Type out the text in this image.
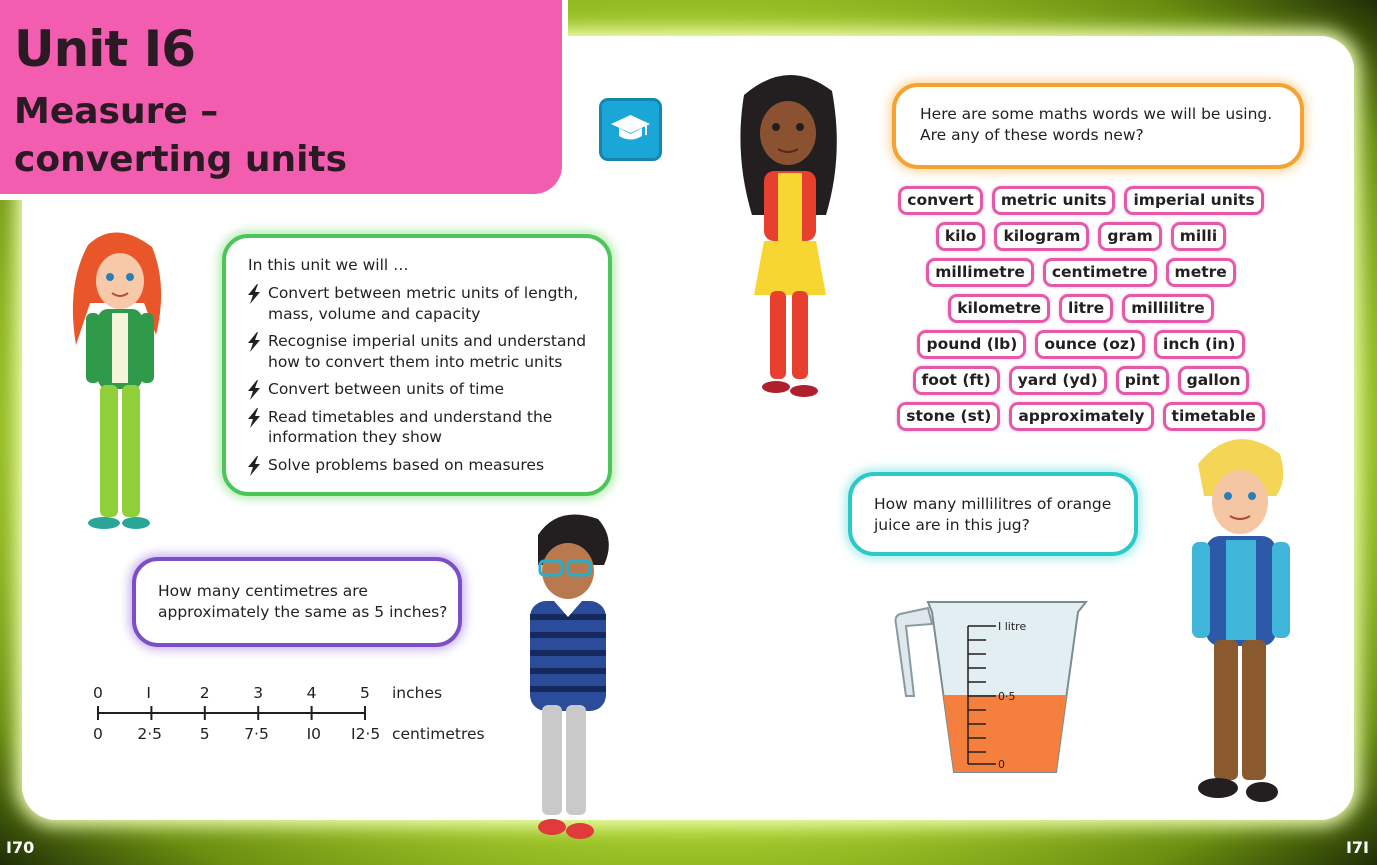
Unit I6
Measure –
converting units
In this unit we will …
Convert between metric units of length, mass, volume and capacity
Recognise imperial units and understand how to convert them into metric units
Convert between units of time
Read timetables and understand the information they show
Solve problems based on measures
How many centimetres are approximately the same as 5 inches?
Here are some maths words we will be using. Are any of these words new?
How many millilitres of orange juice are in this jug?
convert	metric units	imperial units
kilo	kilogram	gram	milli
millimetre	centimetre	metre
kilometre	litre	millilitre
pound (lb)	ounce (oz)	inch (in)
foot (ft)	yard (yd)	pint	gallon
stone (st)	approximately	timetable
0	I	2	3	4	5
0 2·5 5 7·5 I0 I2·5
inches
centimetres
I litre
0·5
0
I70	I7I
